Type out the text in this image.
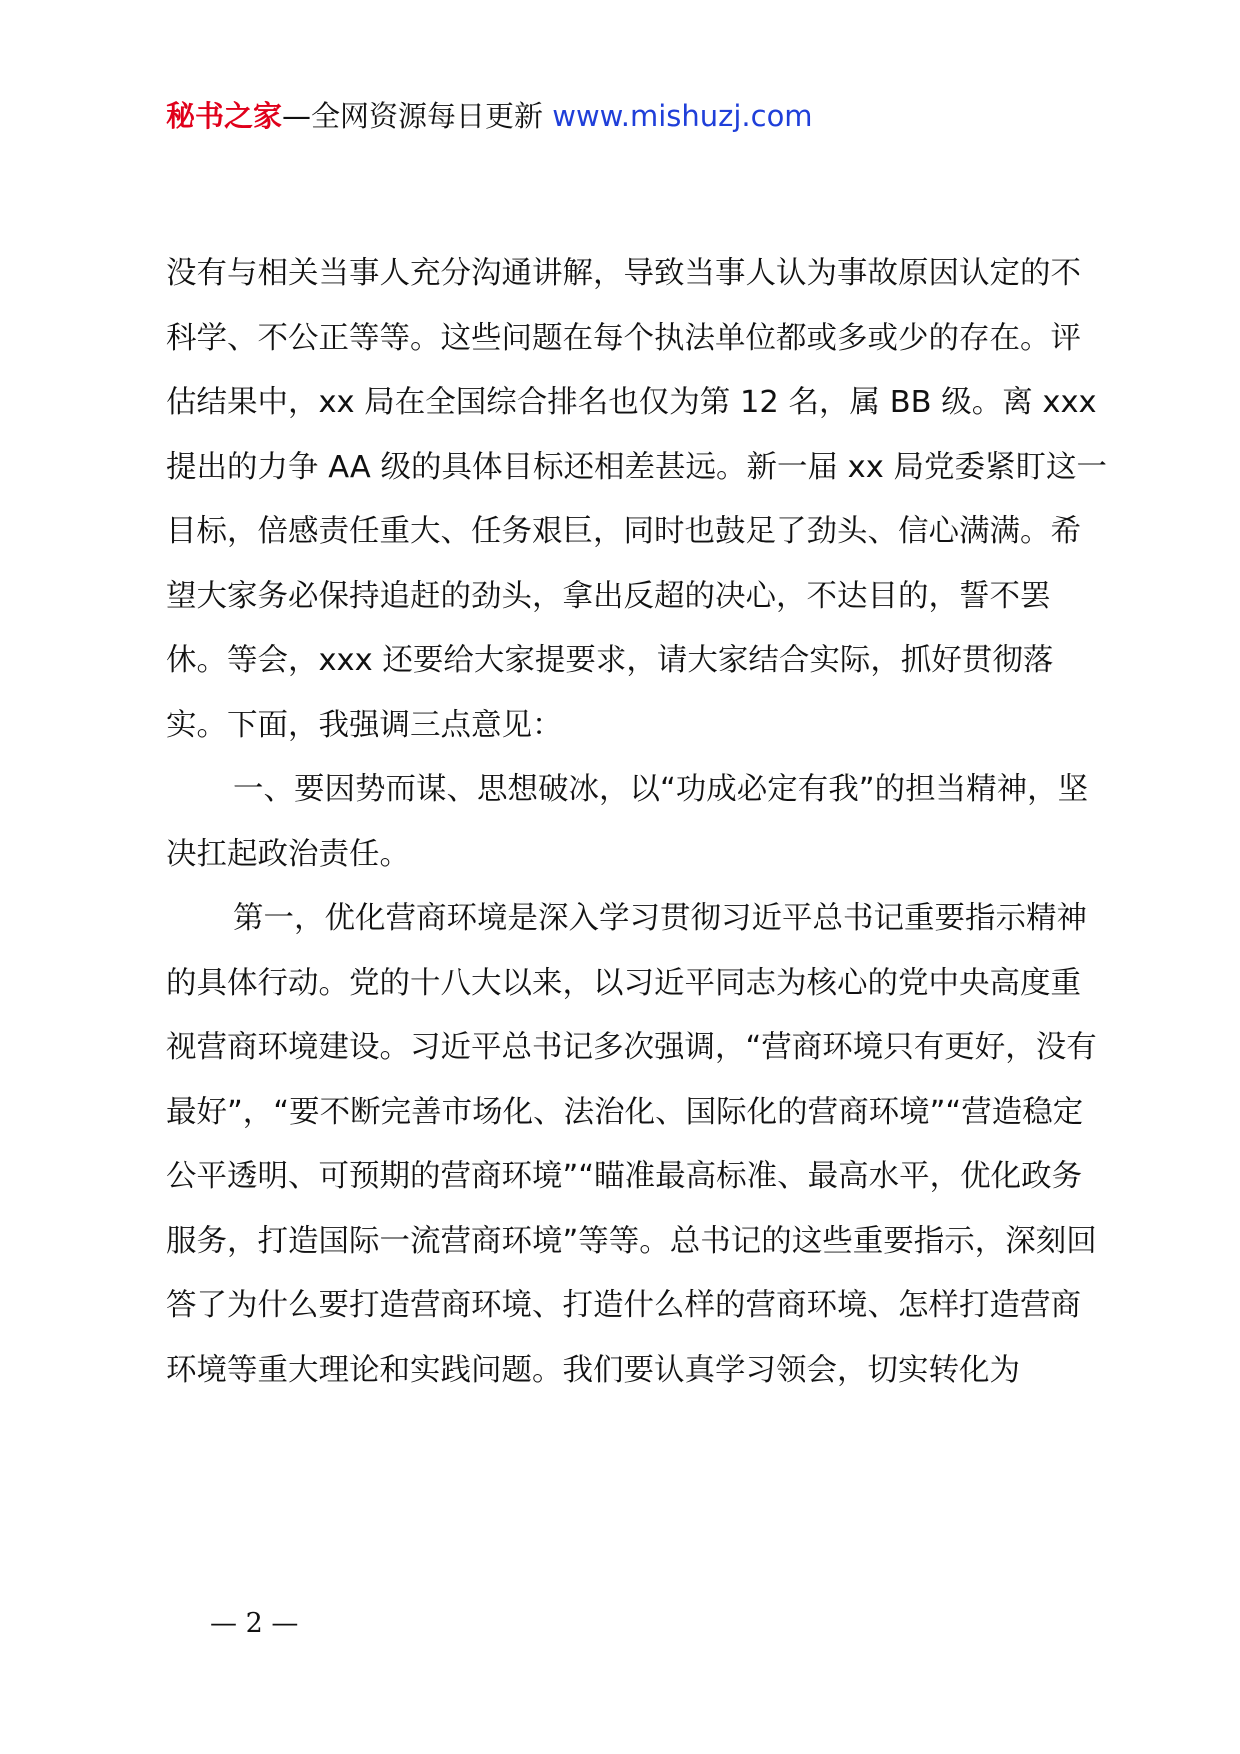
秘书之家—全网资源每日更新 www.mishuzj.com

没有与相关当事人充分沟通讲解，导致当事人认为事故原因认定的不科学、不公正等等。这些问题在每个执法单位都或多或少的存在。评估结果中，xx 局在全国综合排名也仅为第 12 名，属 BB 级。离 xxx 提出的力争 AA 级的具体目标还相差甚远。新一届 xx 局党委紧盯这一目标，倍感责任重大、任务艰巨，同时也鼓足了劲头、信心满满。希望大家务必保持追赶的劲头，拿出反超的决心，不达目的，誓不罢休。等会，xxx 还要给大家提要求，请大家结合实际，抓好贯彻落实。下面，我强调三点意见：

一、要因势而谋、思想破冰，以“功成必定有我”的担当精神，坚决扛起政治责任。

第一，优化营商环境是深入学习贯彻习近平总书记重要指示精神的具体行动。党的十八大以来，以习近平同志为核心的党中央高度重视营商环境建设。习近平总书记多次强调，“营商环境只有更好，没有最好”，“要不断完善市场化、法治化、国际化的营商环境”“营造稳定公平透明、可预期的营商环境”“瞄准最高标准、最高水平，优化政务服务，打造国际一流营商环境”等等。总书记的这些重要指示，深刻回答了为什么要打造营商环境、打造什么样的营商环境、怎样打造营商环境等重大理论和实践问题。我们要认真学习领会，切实转化为

— 2 —
